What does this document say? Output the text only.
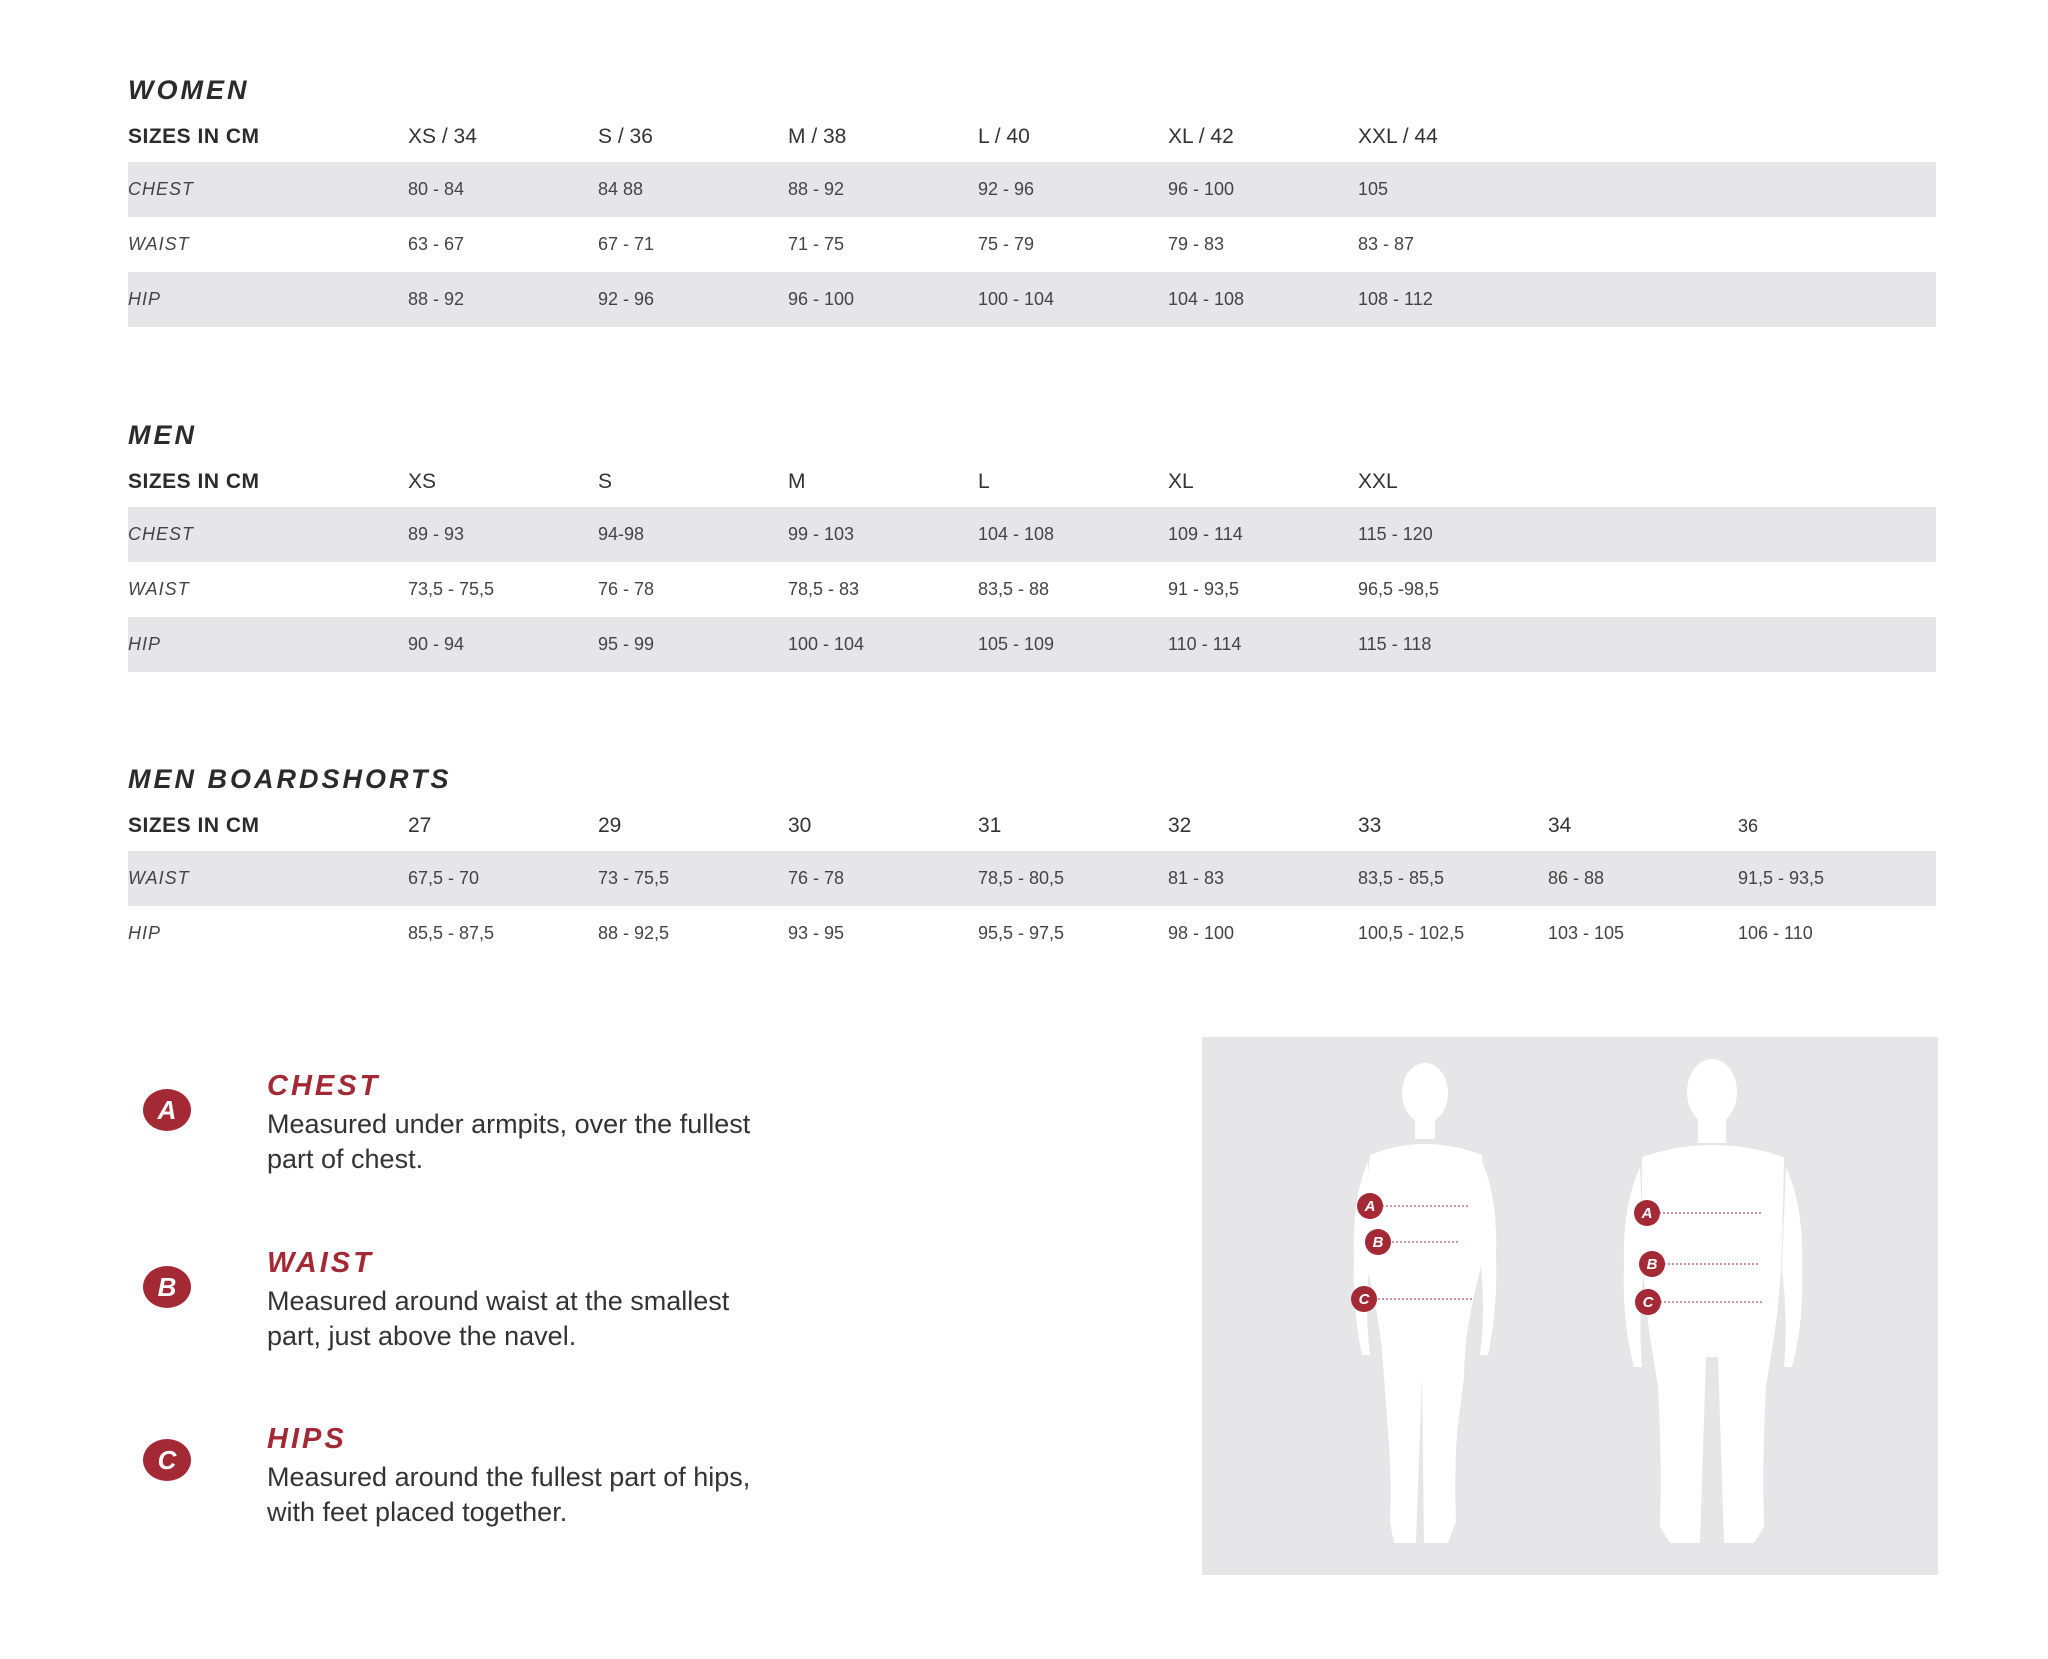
WOMEN
SIZES IN CM	XS / 34	S / 36	M / 38	L / 40	XL / 42	XXL / 44		
CHEST	80 - 84	84 88	88 - 92	92 - 96	96 - 100	105		
WAIST	63 - 67	67 - 71	71 - 75	75 - 79	79 - 83	83 - 87		
HIP	88 - 92	92 - 96	96 - 100	100 - 104	104 - 108	108 - 112		
MEN
SIZES IN CM	XS	S	M	L	XL	XXL		
CHEST	89 - 93	94-98	99 - 103	104 - 108	109 - 114	115 - 120		
WAIST	73,5 - 75,5	76 - 78	78,5 - 83	83,5 - 88	91 - 93,5	96,5 -98,5		
HIP	90 - 94	95 - 99	100 - 104	105 - 109	110 - 114	115 - 118		
MEN BOARDSHORTS
SIZES IN CM	27	29	30	31	32	33	34	36
WAIST	67,5 - 70	73 - 75,5	76 - 78	78,5 - 80,5	81 - 83	83,5 - 85,5	86 - 88	91,5 - 93,5
HIP	85,5 - 87,5	88 - 92,5	93 - 95	95,5 - 97,5	98 - 100	100,5 - 102,5	103 - 105	106 - 110
A
CHEST

Measured under armpits, over the fullest

part of chest.

B
WAIST

Measured around waist at the smallest

part, just above the navel.

C
HIPS

Measured around the fullest part of hips,

with feet placed together.

A
B
C
A
B
C
